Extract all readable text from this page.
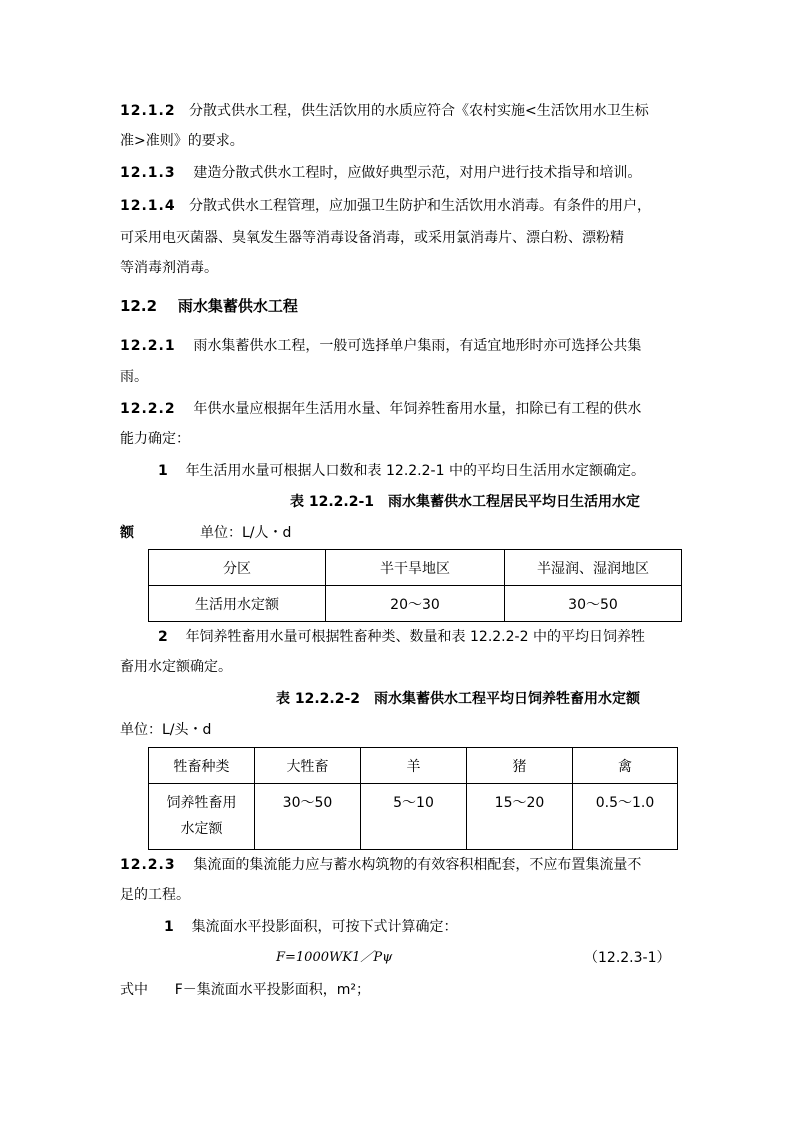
12.1.2 分散式供水工程，供生活饮用的水质应符合《农村实施<生活饮用水卫生标
准>准则》的要求。
12.1.3 建造分散式供水工程时，应做好典型示范，对用户进行技术指导和培训。
12.1.4 分散式供水工程管理，应加强卫生防护和生活饮用水消毒。有条件的用户，
可采用电灭菌器、臭氧发生器等消毒设备消毒，或采用氯消毒片、漂白粉、漂粉精
等消毒剂消毒。
12.2 雨水集蓄供水工程
12.2.1 雨水集蓄供水工程，一般可选择单户集雨，有适宜地形时亦可选择公共集
雨。
12.2.2 年供水量应根据年生活用水量、年饲养牲畜用水量，扣除已有工程的供水
能力确定：
1 年生活用水量可根据人口数和表 12.2.2-1 中的平均日生活用水定额确定。
表 12.2.2-1　雨水集蓄供水工程居民平均日生活用水定
额	单位：L/人・d
分区	半干旱地区	半湿润、湿润地区
生活用水定额	20～30	30～50
2 年饲养牲畜用水量可根据牲畜种类、数量和表 12.2.2-2 中的平均日饲养牲
畜用水定额确定。
表 12.2.2-2　雨水集蓄供水工程平均日饲养牲畜用水定额
单位：L/头・d
牲畜种类	大牲畜	羊	猪	禽

饲养牲畜用
水定额	30～50	5～10	15～20	0.5～1.0
12.2.3 集流面的集流能力应与蓄水构筑物的有效容积相配套，不应布置集流量不
足的工程。
1 集流面水平投影面积，可按下式计算确定：
F=1000WK1／Pψ	（12.2.3-1）
式中 F－集流面水平投影面积，m²；
